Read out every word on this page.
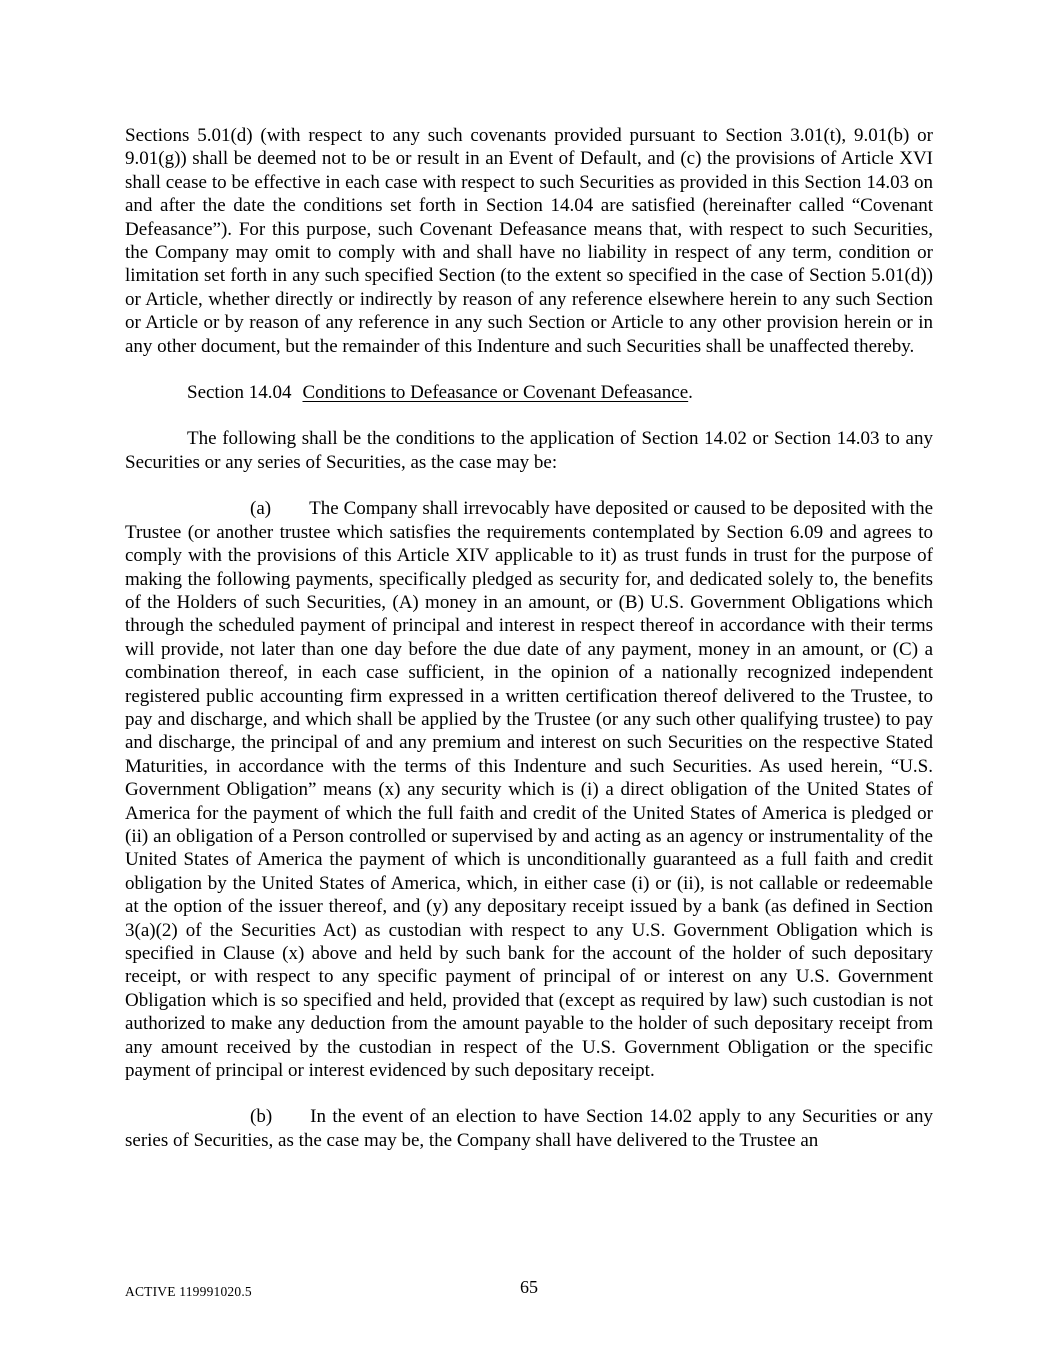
Sections 5.01(d) (with respect to any such covenants provided pursuant to Section 3.01(t), 9.01(b) or 9.01(g)) shall be deemed not to be or result in an Event of Default, and (c) the provisions of Article XVI shall cease to be effective in each case with respect to such Securities as provided in this Section 14.03 on and after the date the conditions set forth in Section 14.04 are satisfied (hereinafter called “Covenant Defeasance”). For this purpose, such Covenant Defeasance means that, with respect to such Securities, the Company may omit to comply with and shall have no liability in respect of any term, condition or limitation set forth in any such specified Section (to the extent so specified in the case of Section 5.01(d)) or Article, whether directly or indirectly by reason of any reference elsewhere herein to any such Section or Article or by reason of any reference in any such Section or Article to any other provision herein or in any other document, but the remainder of this Indenture and such Securities shall be unaffected thereby.

Section 14.04 Conditions to Defeasance or Covenant Defeasance.

The following shall be the conditions to the application of Section 14.02 or Section 14.03 to any Securities or any series of Securities, as the case may be:

(a) The Company shall irrevocably have deposited or caused to be deposited with the Trustee (or another trustee which satisfies the requirements contemplated by Section 6.09 and agrees to comply with the provisions of this Article XIV applicable to it) as trust funds in trust for the purpose of making the following payments, specifically pledged as security for, and dedicated solely to, the benefits of the Holders of such Securities, (A) money in an amount, or (B) U.S. Government Obligations which through the scheduled payment of principal and interest in respect thereof in accordance with their terms will provide, not later than one day before the due date of any payment, money in an amount, or (C) a combination thereof, in each case sufficient, in the opinion of a nationally recognized independent registered public accounting firm expressed in a written certification thereof delivered to the Trustee, to pay and discharge, and which shall be applied by the Trustee (or any such other qualifying trustee) to pay and discharge, the principal of and any premium and interest on such Securities on the respective Stated Maturities, in accordance with the terms of this Indenture and such Securities. As used herein, “U.S. Government Obligation” means (x) any security which is (i) a direct obligation of the United States of America for the payment of which the full faith and credit of the United States of America is pledged or (ii) an obligation of a Person controlled or supervised by and acting as an agency or instrumentality of the United States of America the payment of which is unconditionally guaranteed as a full faith and credit obligation by the United States of America, which, in either case (i) or (ii), is not callable or redeemable at the option of the issuer thereof, and (y) any depositary receipt issued by a bank (as defined in Section 3(a)(2) of the Securities Act) as custodian with respect to any U.S. Government Obligation which is specified in Clause (x) above and held by such bank for the account of the holder of such depositary receipt, or with respect to any specific payment of principal of or interest on any U.S. Government Obligation which is so specified and held, provided that (except as required by law) such custodian is not authorized to make any deduction from the amount payable to the holder of such depositary receipt from any amount received by the custodian in respect of the U.S. Government Obligation or the specific payment of principal or interest evidenced by such depositary receipt.

(b) In the event of an election to have Section 14.02 apply to any Securities or any series of Securities, as the case may be, the Company shall have delivered to the Trustee an

ACTIVE 119991020.5	65
